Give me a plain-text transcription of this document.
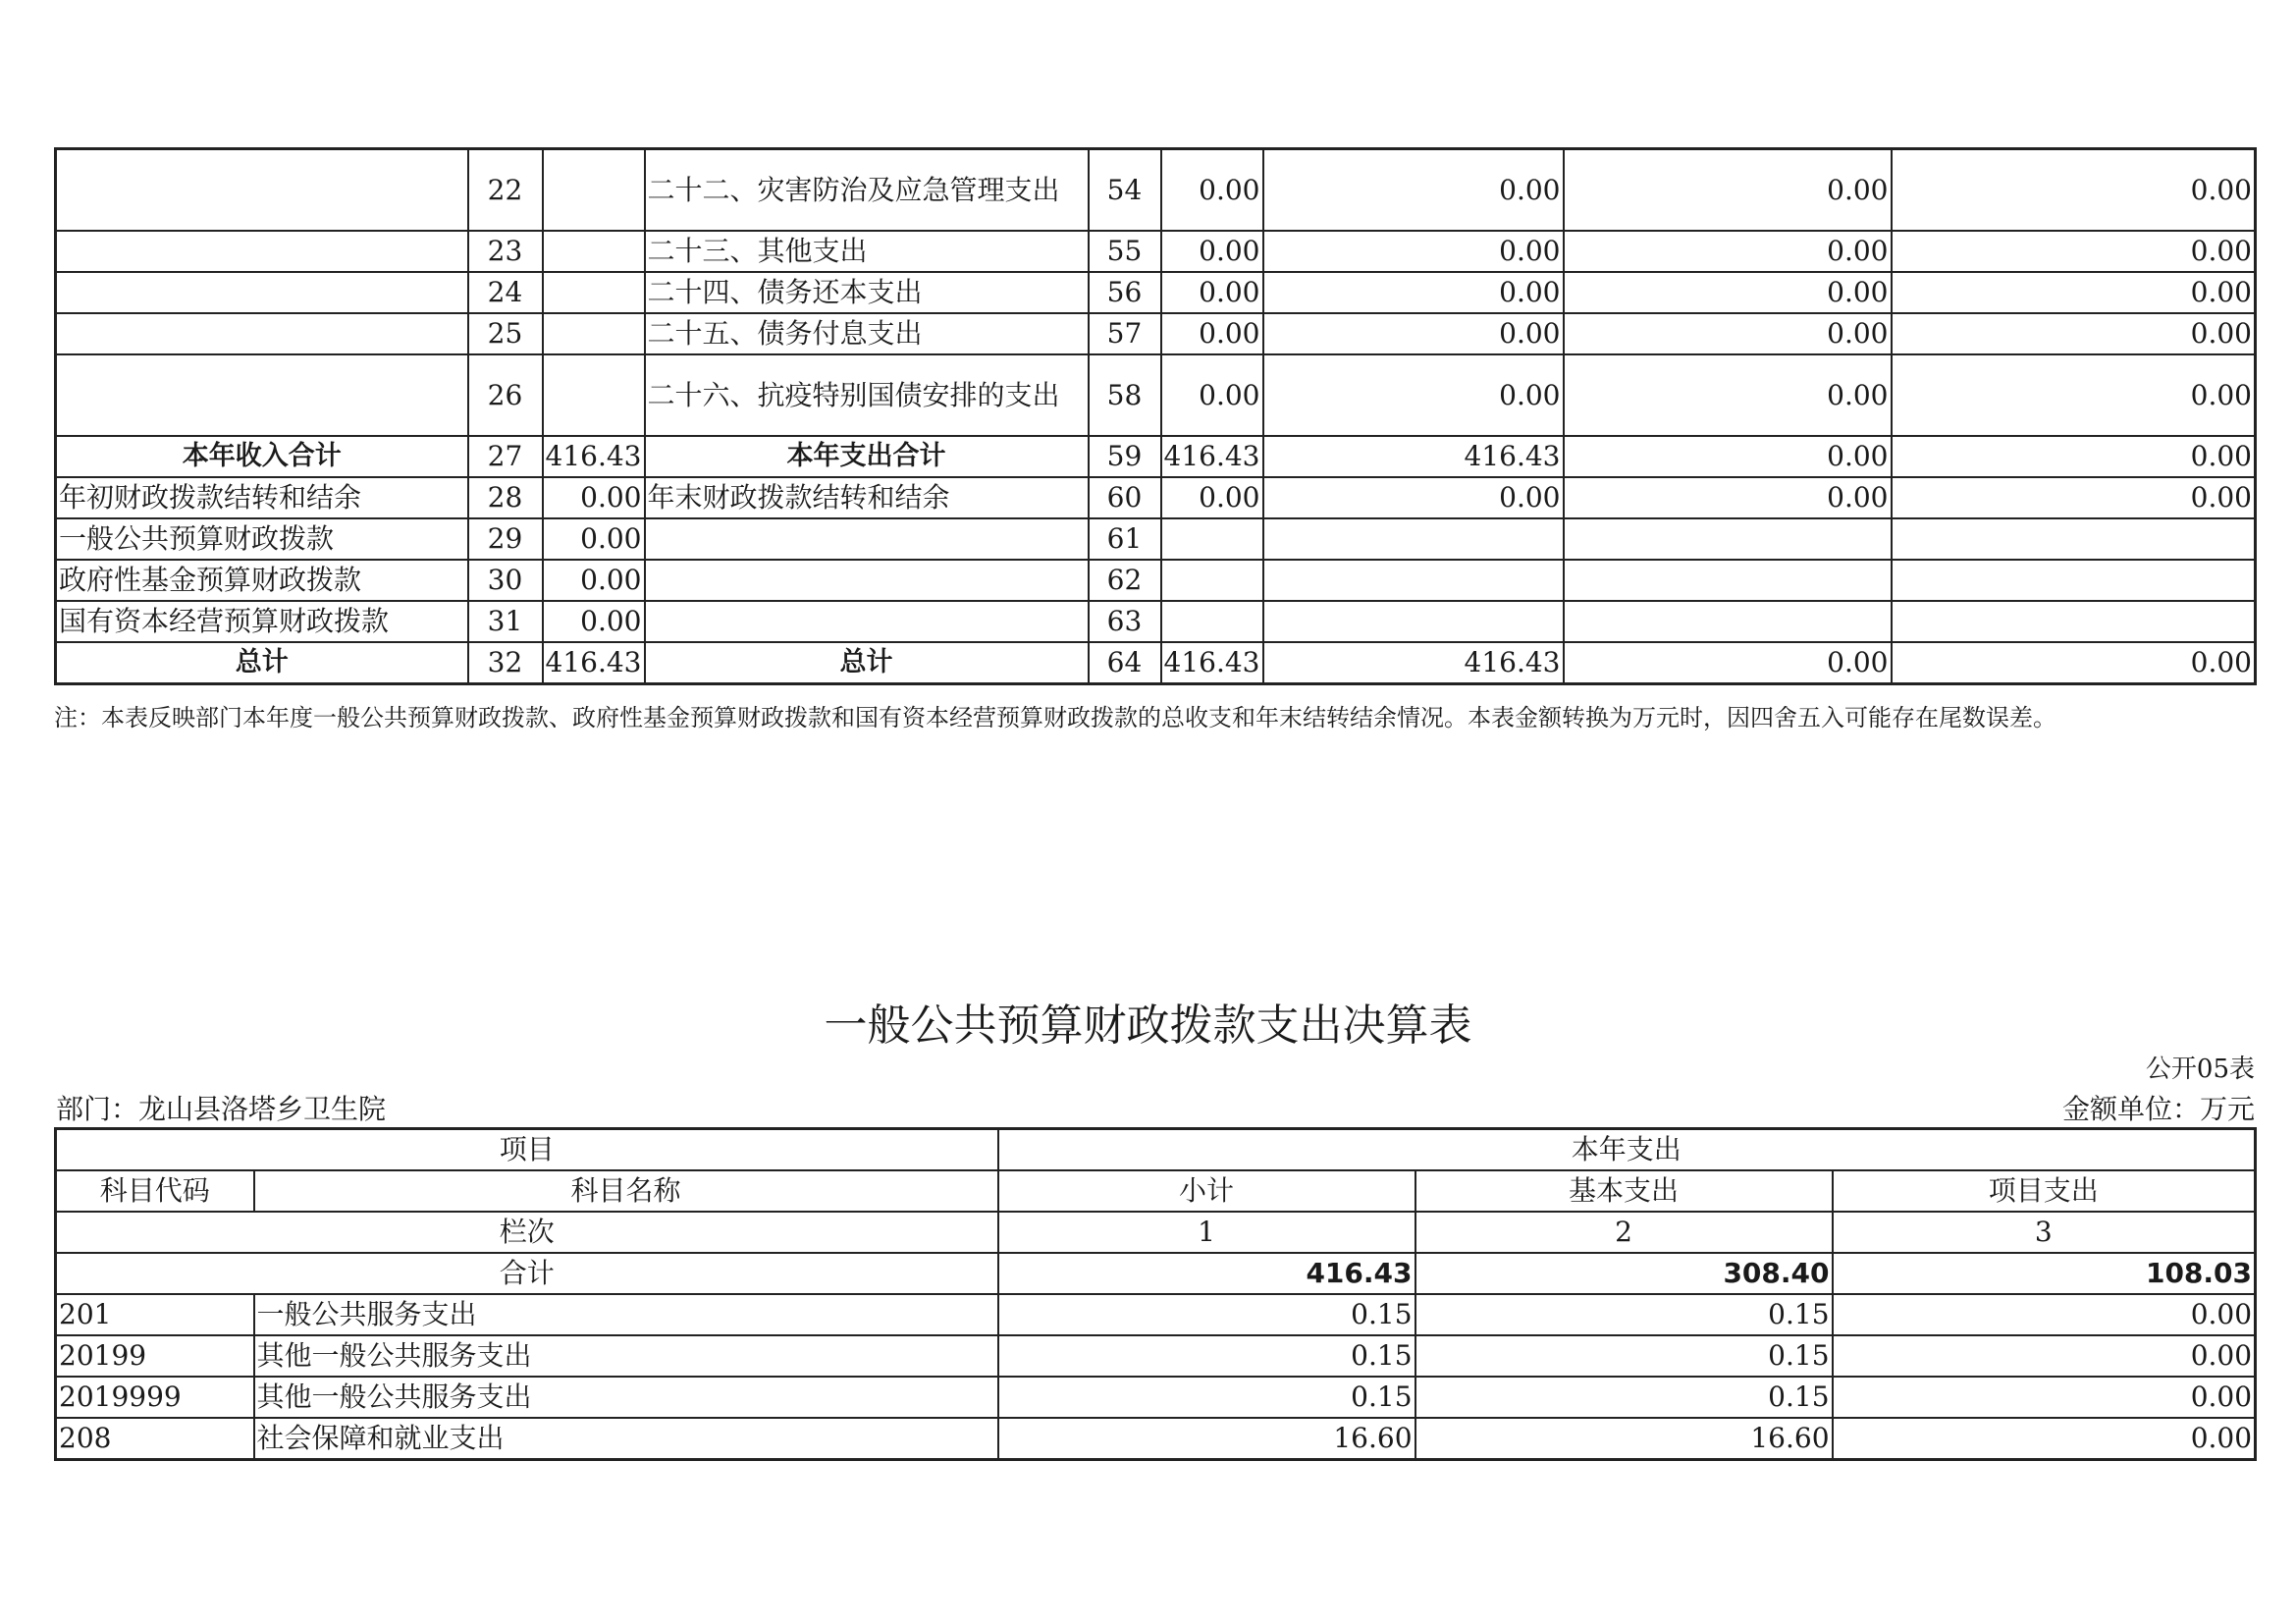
	22		二十二、灾害防治及应急管理支出	54	0.00	0.00	0.00	0.00
	23		二十三、其他支出	55	0.00	0.00	0.00	0.00
	24		二十四、债务还本支出	56	0.00	0.00	0.00	0.00
	25		二十五、债务付息支出	57	0.00	0.00	0.00	0.00
	26		二十六、抗疫特别国债安排的支出	58	0.00	0.00	0.00	0.00
本年收入合计	27	416.43	本年支出合计	59	416.43	416.43	0.00	0.00
年初财政拨款结转和结余	28	0.00	年末财政拨款结转和结余	60	0.00	0.00	0.00	0.00
一般公共预算财政拨款	29	0.00		61				
政府性基金预算财政拨款	30	0.00		62				
国有资本经营预算财政拨款	31	0.00		63				
总计	32	416.43	总计	64	416.43	416.43	0.00	0.00
注：本表反映部门本年度一般公共预算财政拨款、政府性基金预算财政拨款和国有资本经营预算财政拨款的总收支和年末结转结余情况。本表金额转换为万元时，因四舍五入可能存在尾数误差。
一般公共预算财政拨款支出决算表
公开05表
部门：龙山县洛塔乡卫生院	金额单位：万元
项目		本年支出		
科目代码	科目名称	小计	基本支出	项目支出
栏次		1	2	3
合计		416.43	308.40	108.03
201	一般公共服务支出	0.15	0.15	0.00
20199	其他一般公共服务支出	0.15	0.15	0.00
2019999	其他一般公共服务支出	0.15	0.15	0.00
208	社会保障和就业支出	16.60	16.60	0.00
